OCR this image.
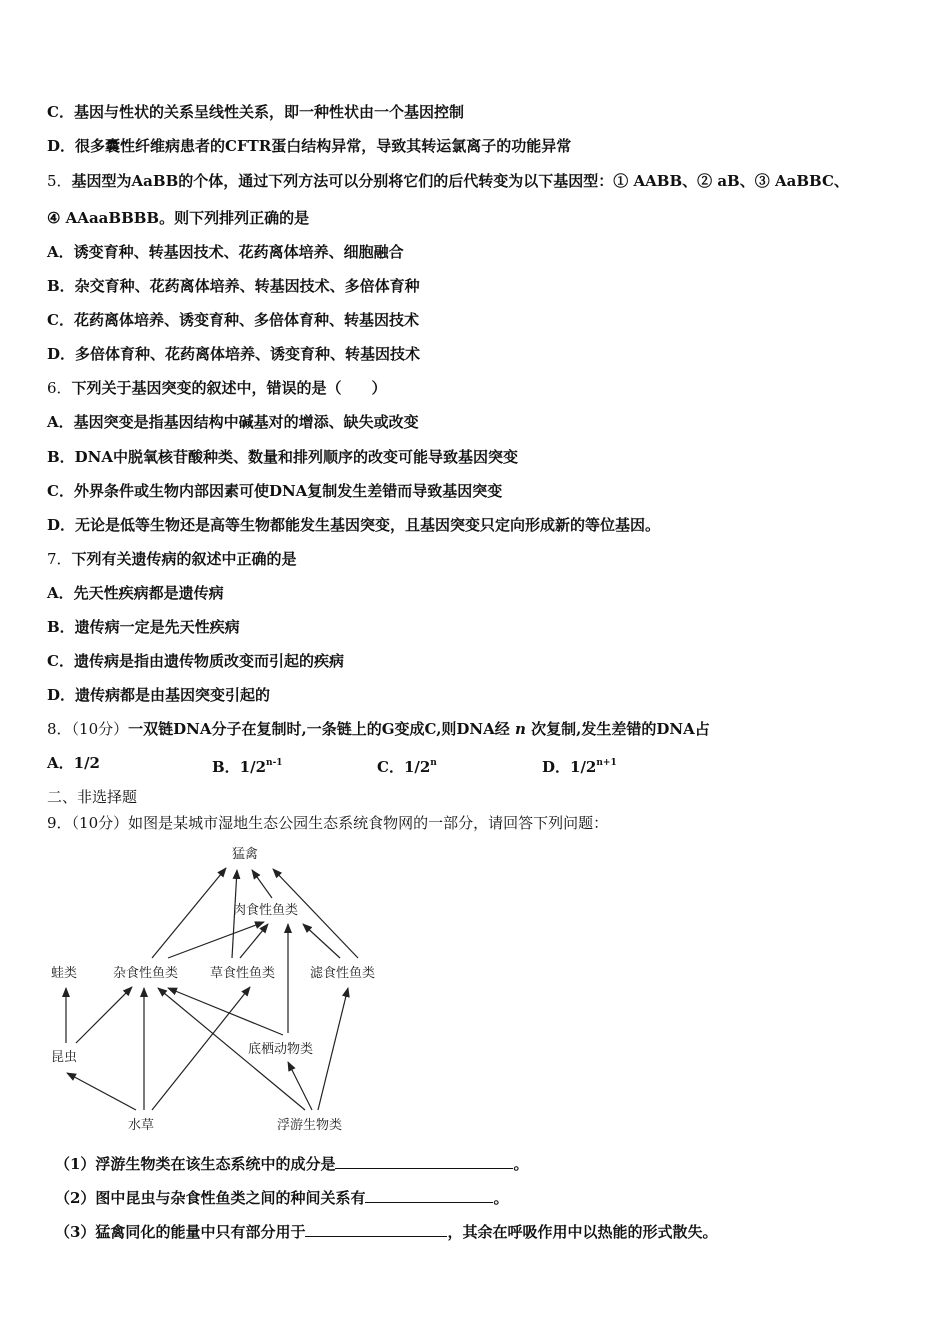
C．基因与性状的关系呈线性关系，即一种性状由一个基因控制
D．很多囊性纤维病患者的CFTR蛋白结构异常，导致其转运氯离子的功能异常
5．基因型为AaBB的个体，通过下列方法可以分别将它们的后代转变为以下基因型：① AABB、② aB、③ AaBBC、
④ AAaaBBBB。则下列排列正确的是
A．诱变育种、转基因技术、花药离体培养、细胞融合
B．杂交育种、花药离体培养、转基因技术、多倍体育种
C．花药离体培养、诱变育种、多倍体育种、转基因技术
D．多倍体育种、花药离体培养、诱变育种、转基因技术
6．下列关于基因突变的叙述中，错误的是（　　）
A．基因突变是指基因结构中碱基对的增添、缺失或改变
B．DNA中脱氧核苷酸种类、数量和排列顺序的改变可能导致基因突变
C．外界条件或生物内部因素可使DNA复制发生差错而导致基因突变
D．无论是低等生物还是高等生物都能发生基因突变，且基因突变只定向形成新的等位基因。
7．下列有关遗传病的叙述中正确的是
A．先天性疾病都是遗传病
B．遗传病一定是先天性疾病
C．遗传病是指由遗传物质改变而引起的疾病
D．遗传病都是由基因突变引起的
8．（10分）一双链DNA分子在复制时,一条链上的G变成C,则DNA经 n 次复制,发生差错的DNA占
A．1/2	B．1/2$^{n-1}$	C．1/2$^n$	D．$1/2^{n+1}$
二、非选择题
9．（10分）如图是某城市湿地生态公园生态系统食物网的一部分，请回答下列问题：
猛禽
肉食性鱼类
蛙类	杂食性鱼类 草食性鱼类	滤食性鱼类
底栖动物类
昆虫
水草	浮游生物类
（1）浮游生物类在该生态系统中的成分是	。
（2）图中昆虫与杂食性鱼类之间的种间关系有	。
（3）猛禽同化的能量中只有部分用于	，其余在呼吸作用中以热能的形式散失。
